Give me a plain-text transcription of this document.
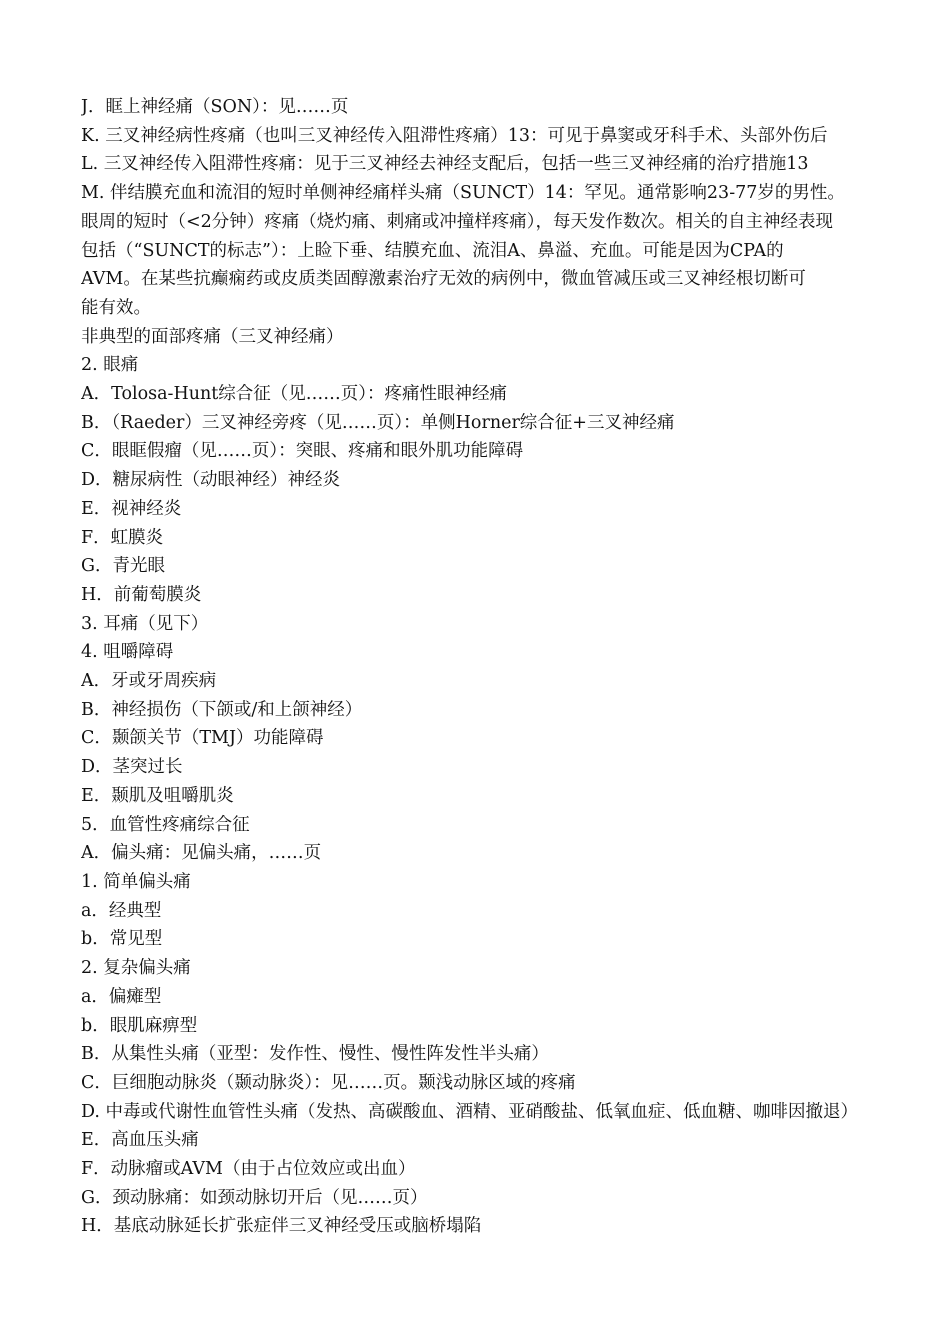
J．眶上神经痛（SON）：见……页
K. 三叉神经病性疼痛（也叫三叉神经传入阻滞性疼痛）13：可见于鼻窦或牙科手术、头部外伤后
L. 三叉神经传入阻滞性疼痛：见于三叉神经去神经支配后，包括一些三叉神经痛的治疗措施13
M. 伴结膜充血和流泪的短时单侧神经痛样头痛（SUNCT）14：罕见。通常影响23-77岁的男性。
眼周的短时（<2分钟）疼痛（烧灼痛、刺痛或冲撞样疼痛），每天发作数次。相关的自主神经表现
包括（“SUNCT的标志”）：上睑下垂、结膜充血、流泪A、鼻溢、充血。可能是因为CPA的
AVM。在某些抗癫痫药或皮质类固醇激素治疗无效的病例中，微血管减压或三叉神经根切断可
能有效。
非典型的面部疼痛（三叉神经痛）
2. 眼痛
A．Tolosa-Hunt综合征（见……页）：疼痛性眼神经痛
B．（Raeder）三叉神经旁疼（见……页）：单侧Horner综合征+三叉神经痛
C．眼眶假瘤（见……页）：突眼、疼痛和眼外肌功能障碍
D．糖尿病性（动眼神经）神经炎
E．视神经炎
F．虹膜炎
G．青光眼
H．前葡萄膜炎
3. 耳痛（见下）
4. 咀嚼障碍
A．牙或牙周疾病
B．神经损伤（下颌或/和上颌神经）
C．颞颌关节（TMJ）功能障碍
D．茎突过长
E．颞肌及咀嚼肌炎
5．血管性疼痛综合征
A．偏头痛：见偏头痛，……页
1. 简单偏头痛
a．经典型
b．常见型
2. 复杂偏头痛
a．偏瘫型
b．眼肌麻痹型
B．从集性头痛（亚型：发作性、慢性、慢性阵发性半头痛）
C．巨细胞动脉炎（颞动脉炎）：见……页。颞浅动脉区域的疼痛
D. 中毒或代谢性血管性头痛（发热、高碳酸血、酒精、亚硝酸盐、低氧血症、低血糖、咖啡因撤退）
E．高血压头痛
F．动脉瘤或AVM（由于占位效应或出血）
G．颈动脉痛：如颈动脉切开后（见……页）
H．基底动脉延长扩张症伴三叉神经受压或脑桥塌陷
